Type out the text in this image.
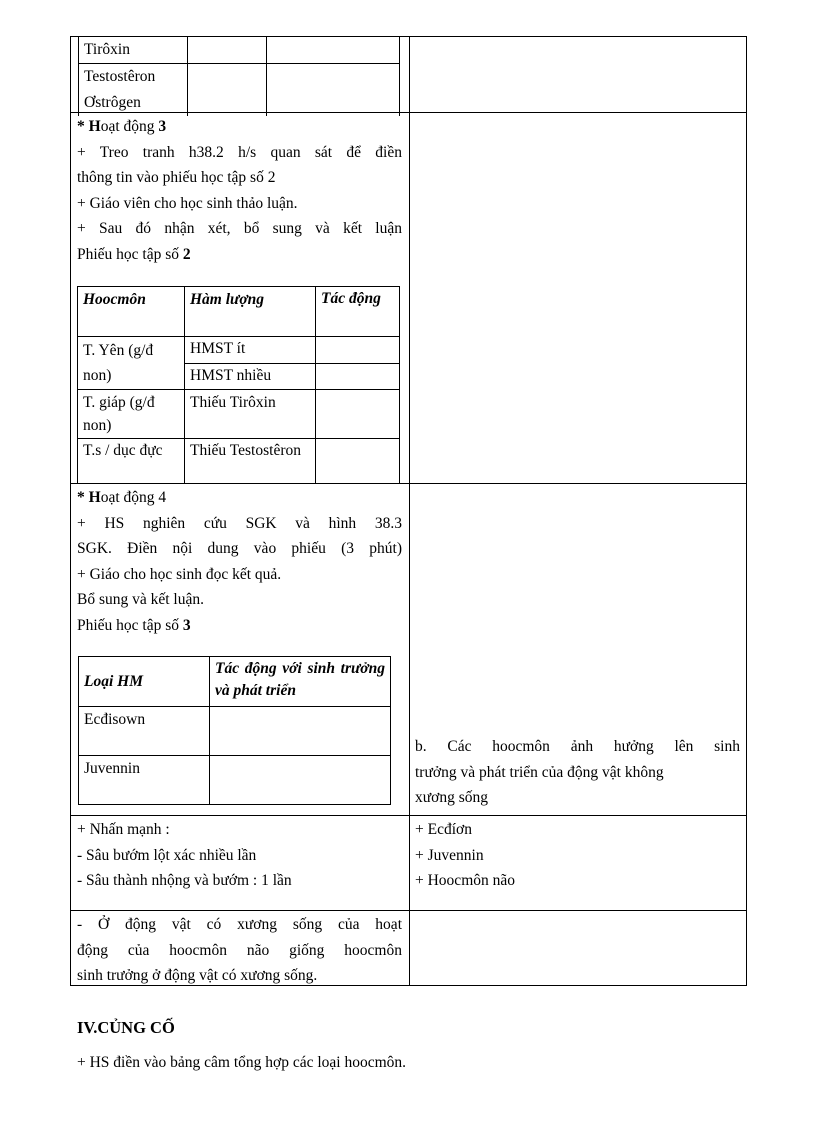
Tirôxin		
Testostêron		
Ơstrôgen		

* Hoạt động 3

+ Treo tranh h38.2 h/s quan sát để điền

thông tin vào phiếu học tập số 2

+ Giáo viên cho học sinh thảo luận.

+ Sau đó nhận xét, bổ sung và kết luận

Phiếu học tập số 2

Hoocmôn	Hàm lượng	Tác động
T. Yên (g/đ non)	HMST ít	
	HMST nhiều	
T. giáp (g/đ non)	Thiếu Tirôxin	
T.s / dục đực	Thiếu Testostêron	

* Hoạt động 4

+ HS nghiên cứu SGK và hình 38.3

SGK. Điền nội dung vào phiếu (3 phút)

+ Giáo cho học sinh đọc kết quả.

Bổ sung và kết luận.

Phiếu học tập số 3

Loại HM	Tác động với sinh trưởng và phát triển
Ecđisown	
Juvennin	

b. Các hoocmôn ảnh hưởng lên sinh

trưởng và phát triển của động vật không

xương sống

+ Nhấn mạnh :

- Sâu bướm lột xác nhiều lần

- Sâu thành nhộng và bướm : 1 lần

+ Ecđíơn

+ Juvennin

+ Hoocmôn não

- Ở động vật có xương sống của hoạt

động của hoocmôn não giống hoocmôn

sinh trưởng ở động vật có xương sống.

IV.CỦNG CỐ
+ HS điền vào bảng câm tổng hợp các loại hoocmôn.
